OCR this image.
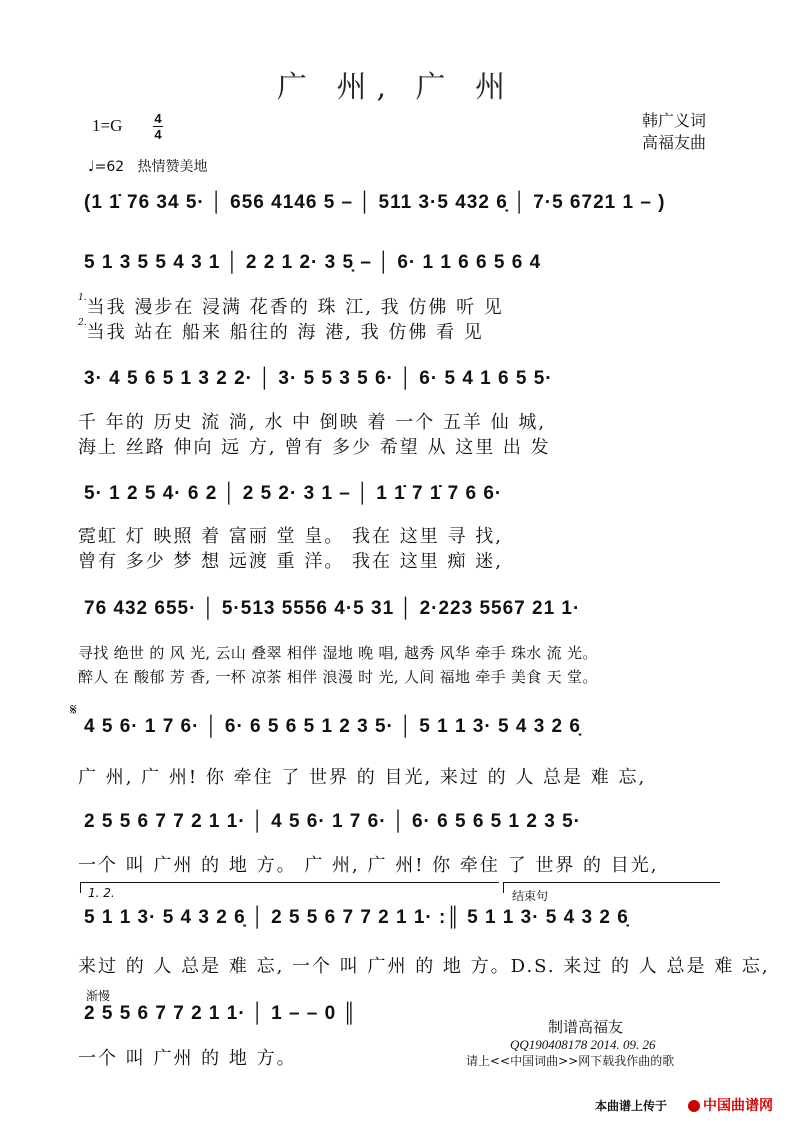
广 州, 广 州
1=G 4
4
韩广义词
高福友曲
♩=62 热情赞美地
(1 1̇ 76 34 5· │ 656 4146 5 – │ 511 3·5 432 6̣ │ 7·5 6721 1 – )
5 1 3 5 5 4 3 1 │ 2 2 1 2· 3 5̣ – │ 6· 1 1 6 6 5 6 4
$^{1.}$当我 漫步在 浸满 花香的 珠 江, 我 仿佛 听 见
$^{2.}$当我 站在 船来 船往的 海 港, 我 仿佛 看 见
3· 4 5 6 5 1 3 2 2· │ 3· 5 5 3 5 6· │ 6· 5 4 1 6 5 5·
千 年的 历史 流 淌, 水 中 倒映 着 一个 五羊 仙 城,
海上 丝路 伸向 远 方, 曾有 多少 希望 从 这里 出 发
5· 1 2 5 4· 6 2 │ 2 5 2· 3 1 – │ 1 1̇ 7 1̇ 7 6 6·
霓虹 灯 映照 着 富丽 堂 皇。 我在 这里 寻 找,
曾有 多少 梦 想 远渡 重 洋。 我在 这里 痴 迷,
76 432 655· │ 5·513 5556 4·5 31 │ 2·223 5567 21 1·
寻找 绝世 的 风 光, 云山 叠翠 相伴 湿地 晚 唱, 越秀 风华 牵手 珠水 流 光。
醉人 在 酸郁 芳 香, 一杯 凉茶 相伴 浪漫 时 光, 人间 福地 牵手 美食 天 堂。
𝄋
4 5 6· 1 7 6· │ 6· 6 5 6 5 1 2 3 5· │ 5 1 1 3· 5 4 3 2 6̣
广 州, 广 州! 你 牵住 了 世界 的 目光, 来过 的 人 总是 难 忘,
2 5 5 6 7 7 2 1 1· │ 4 5 6· 1 7 6· │ 6· 6 5 6 5 1 2 3 5·
一个 叫 广州 的 地 方。 广 州, 广 州! 你 牵住 了 世界 的 目光,
1. 2.	结束句
5 1 1 3· 5 4 3 2 6̣ │ 2 5 5 6 7 7 2 1 1· :║ 5 1 1 3· 5 4 3 2 6̣
来过 的 人 总是 难 忘, 一个 叫 广州 的 地 方。D.S. 来过 的 人 总是 难 忘,
渐慢
2 5 5 6 7 7 2 1 1· │ 1 – – 0 ║
一个 叫 广州 的 地 方。
制谱高福友
QQ190408178 2014. 09. 26
请上<<中国词曲>>网下载我作曲的歌
本曲谱上传于	中国曲谱网
